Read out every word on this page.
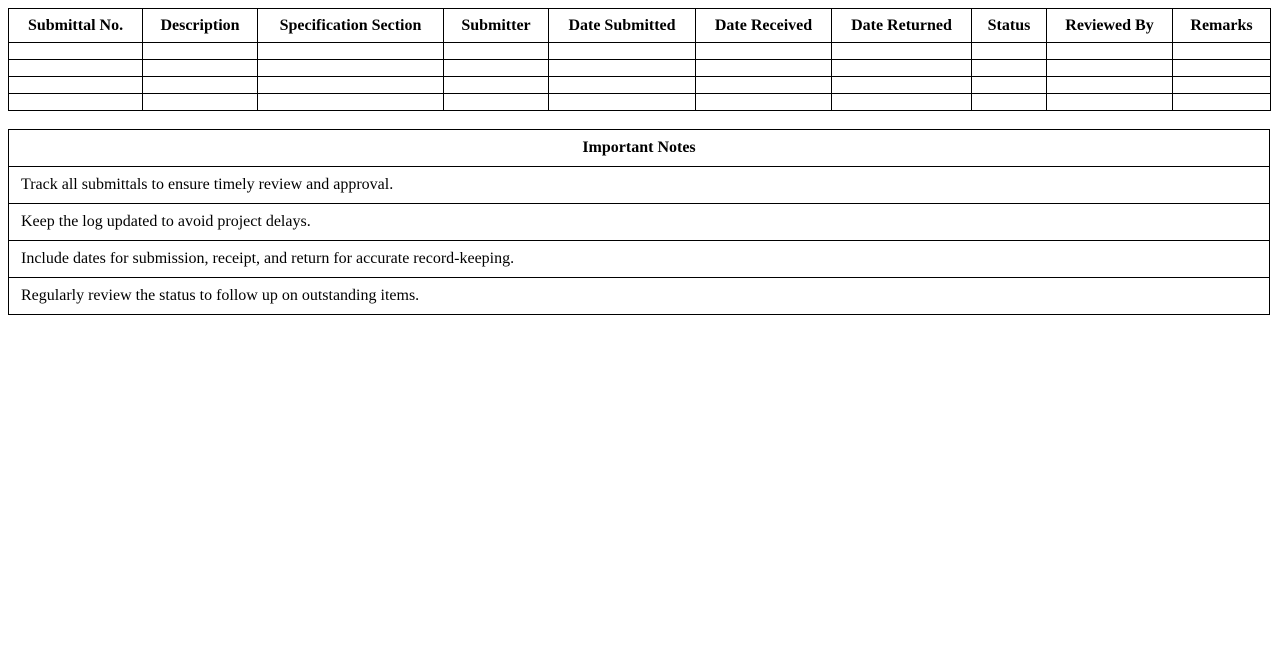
Submittal No.	Description	Specification Section	Submitter	Date Submitted	Date Received	Date Returned	Status	Reviewed By	Remarks

Important Notes
Track all submittals to ensure timely review and approval.
Keep the log updated to avoid project delays.
Include dates for submission, receipt, and return for accurate record-keeping.
Regularly review the status to follow up on outstanding items.
